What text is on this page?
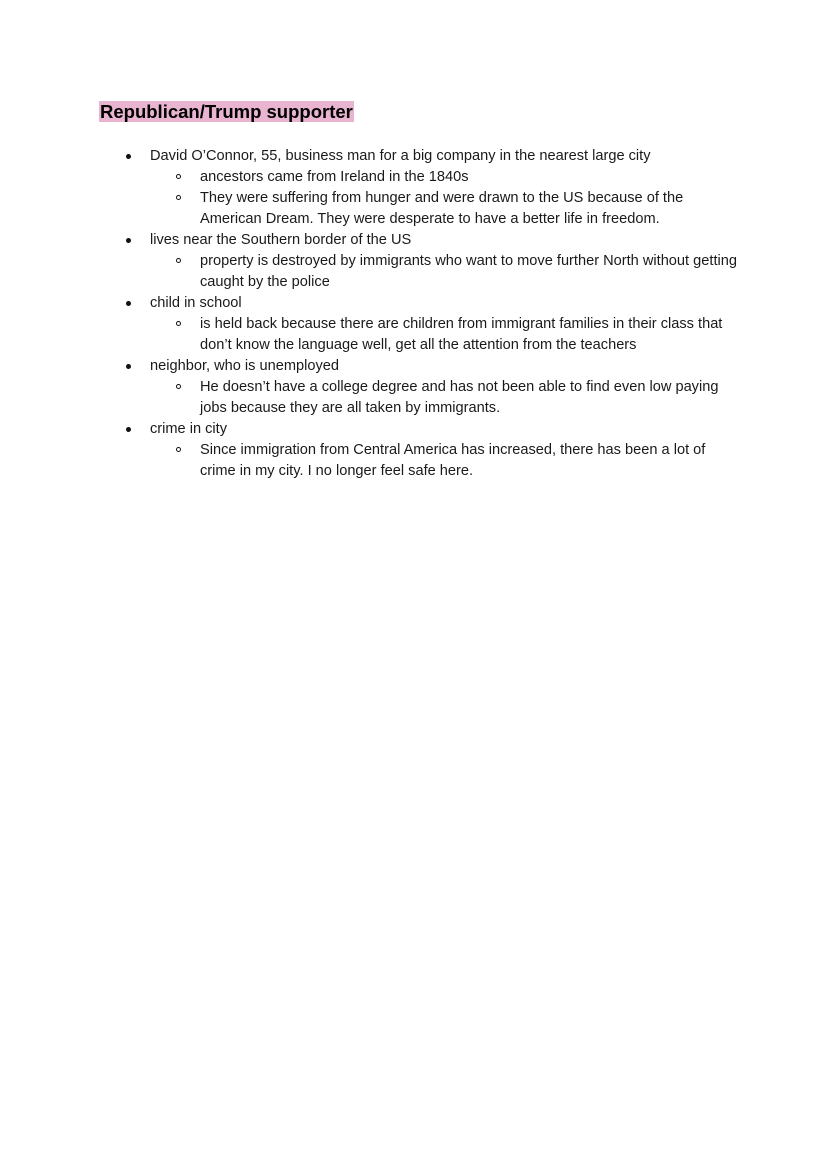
Republican/Trump supporter
David O’Connor, 55, business man for a big company in the nearest large city
ancestors came from Ireland in the 1840s
They were suffering from hunger and were drawn to the US because of the American Dream. They were desperate to have a better life in freedom.
lives near the Southern border of the US
property is destroyed by immigrants who want to move further North without getting caught by the police
child in school
is held back because there are children from immigrant families in their class that don’t know the language well, get all the attention from the teachers
neighbor, who is unemployed
He doesn’t have a college degree and has not been able to find even low paying jobs because they are all taken by immigrants.
crime in city
Since immigration from Central America has increased, there has been a lot of crime in my city. I no longer feel safe here.
